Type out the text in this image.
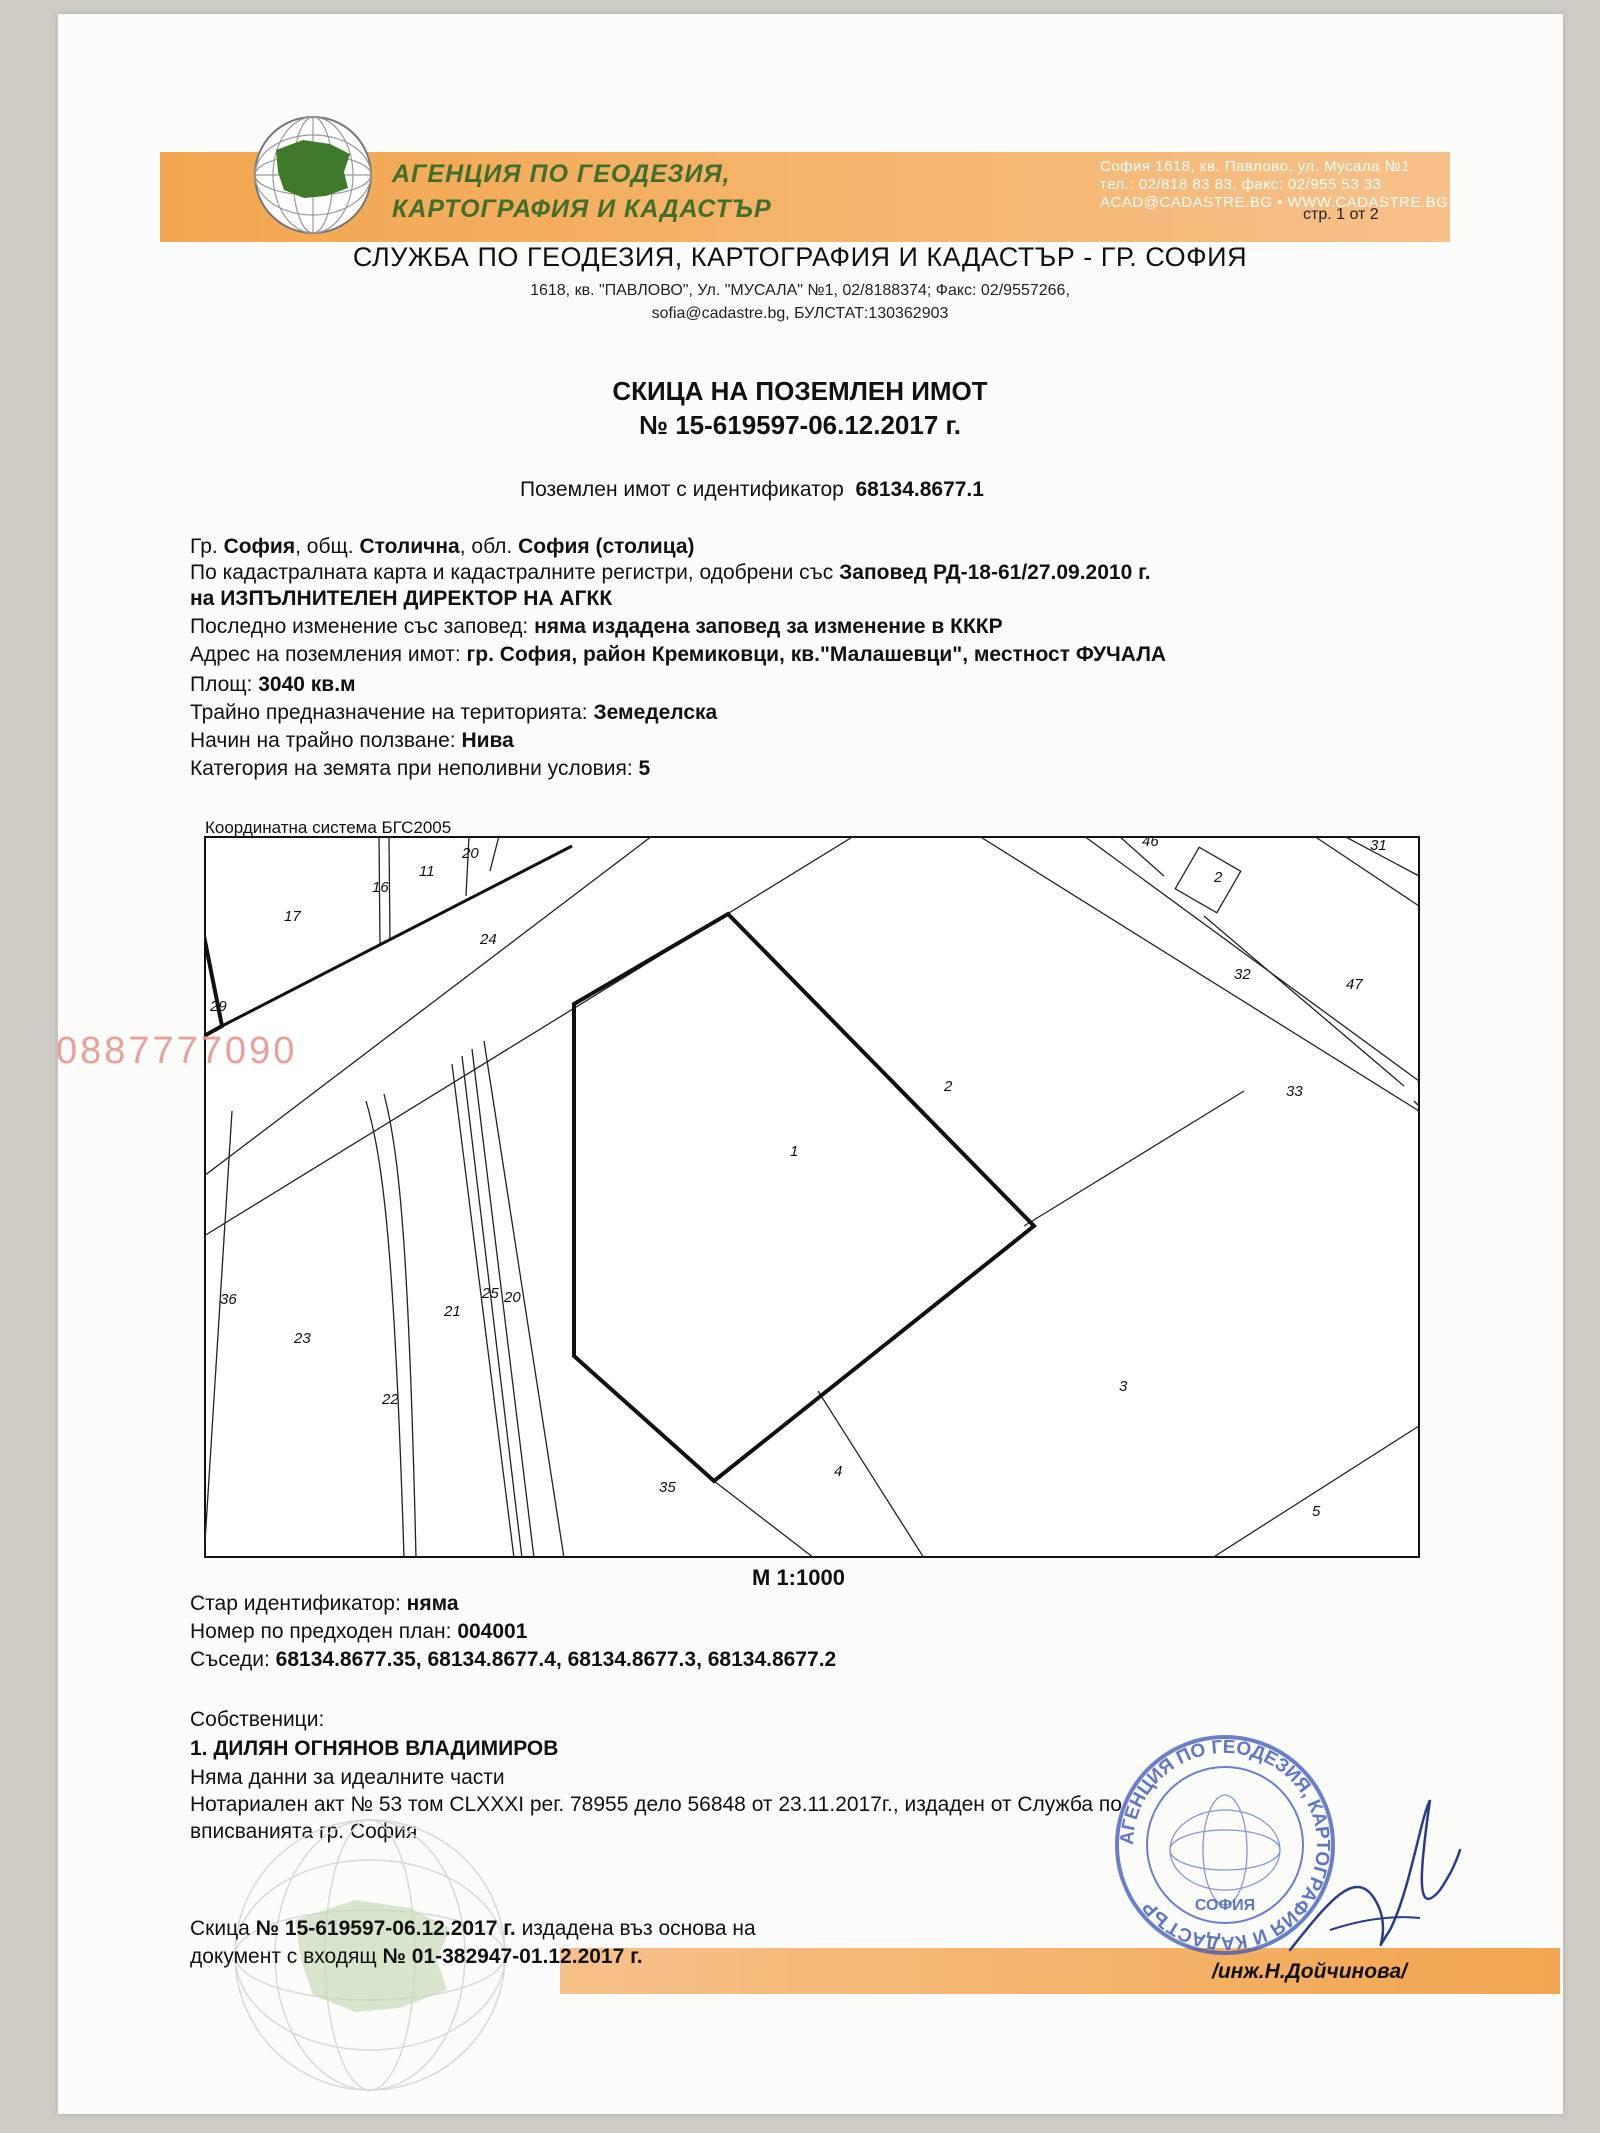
АГЕНЦИЯ ПО ГЕОДЕЗИЯ,
КАРТОГРАФИЯ И КАДАСТЪР
София 1618, кв. Павлово, ул. Мусала №1
тел.: 02/818 83 83, факс: 02/955 53 33
ACAD@CADASTRE.BG • WWW.CADASTRE.BG
стр. 1 от 2
СЛУЖБА ПО ГЕОДЕЗИЯ, КАРТОГРАФИЯ И КАДАСТЪР - ГР. СОФИЯ
1618, кв. "ПАВЛОВО", Ул. "МУСАЛА" №1, 02/8188374; Факс: 02/9557266,
sofia@cadastre.bg, БУЛСТАТ:130362903
СКИЦА НА ПОЗЕМЛЕН ИМОТ
№ 15-619597-06.12.2017 г.
Поземлен имот с идентификатор 68134.8677.1
Гр. София, общ. Столична, обл. София (столица)
По кадастралната карта и кадастралните регистри, одобрени със Заповед РД-18-61/27.09.2010 г.
на ИЗПЪЛНИТЕЛЕН ДИРЕКТОР НА АГКК
Последно изменение със заповед: няма издадена заповед за изменение в КККР
Адрес на поземления имот: гр. София, район Кремиковци, кв."Малашевци", местност ФУЧАЛА
Площ: 3040 кв.м
Трайно предназначение на територията: Земеделска
Начин на трайно ползване: Нива
Категория на земята при неполивни условия: 5
Координатна система БГС2005
1
2
3
4
5
11
16
17
20
20
21
22
23
24
25
29
31
32
33
35
36
46
47
2
0887777090
М 1:1000
Стар идентификатор: няма
Номер по предходен план: 004001
Съседи: 68134.8677.35, 68134.8677.4, 68134.8677.3, 68134.8677.2
Собственици:
1. ДИЛЯН ОГНЯНОВ ВЛАДИМИРОВ
Няма данни за идеалните части
Нотариален акт № 53 том CLXXXI рег. 78955 дело 56848 от 23.11.2017г., издаден от Служба по
вписванията гр. София
Скица № 15-619597-06.12.2017 г. издадена въз основа на
документ с входящ № 01-382947-01.12.2017 г.
АГЕНЦИЯ ПО ГЕОДЕЗИЯ, КАРТОГРАФИЯ И КАДАСТЪР	СОФИЯ
/инж.Н.Дойчинова/
